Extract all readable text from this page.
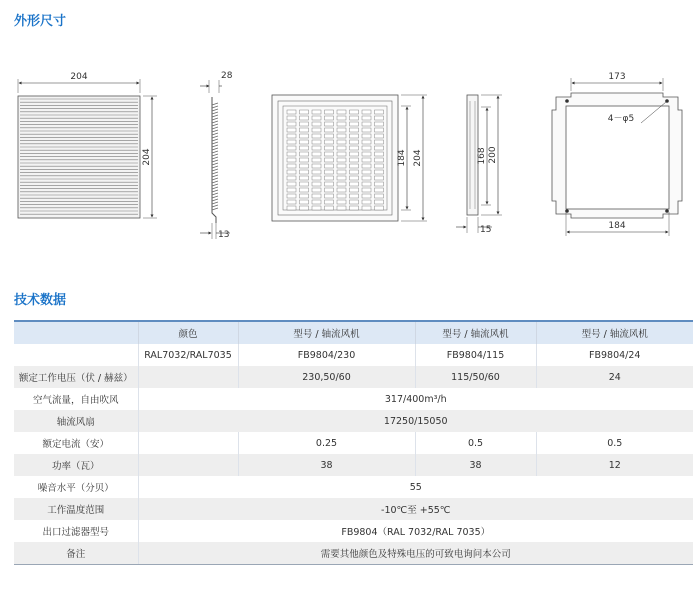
外形尺寸
204
204
28
13
184 204	168 200
15
173
4－φ5
184
技术数据
	颜色	型号 / 轴流风机	型号 / 轴流风机	型号 / 轴流风机
	RAL7032/RAL7035	FB9804/230	FB9804/115	FB9804/24
额定工作电压（伏 / 赫兹）		230,50/60	115/50/60	24
空气流量，自由吹风	317/400m³/h			
轴流风扇	17250/15050			
额定电流（安）		0.25	0.5	0.5
功率（瓦）		38	38	12
噪音水平（分贝）	55			
工作温度范围	-10℃至 +55℃			
出口过滤器型号	FB9804（RAL 7032/RAL 7035）			
备注	需要其他颜色及特殊电压的可致电询问本公司			
